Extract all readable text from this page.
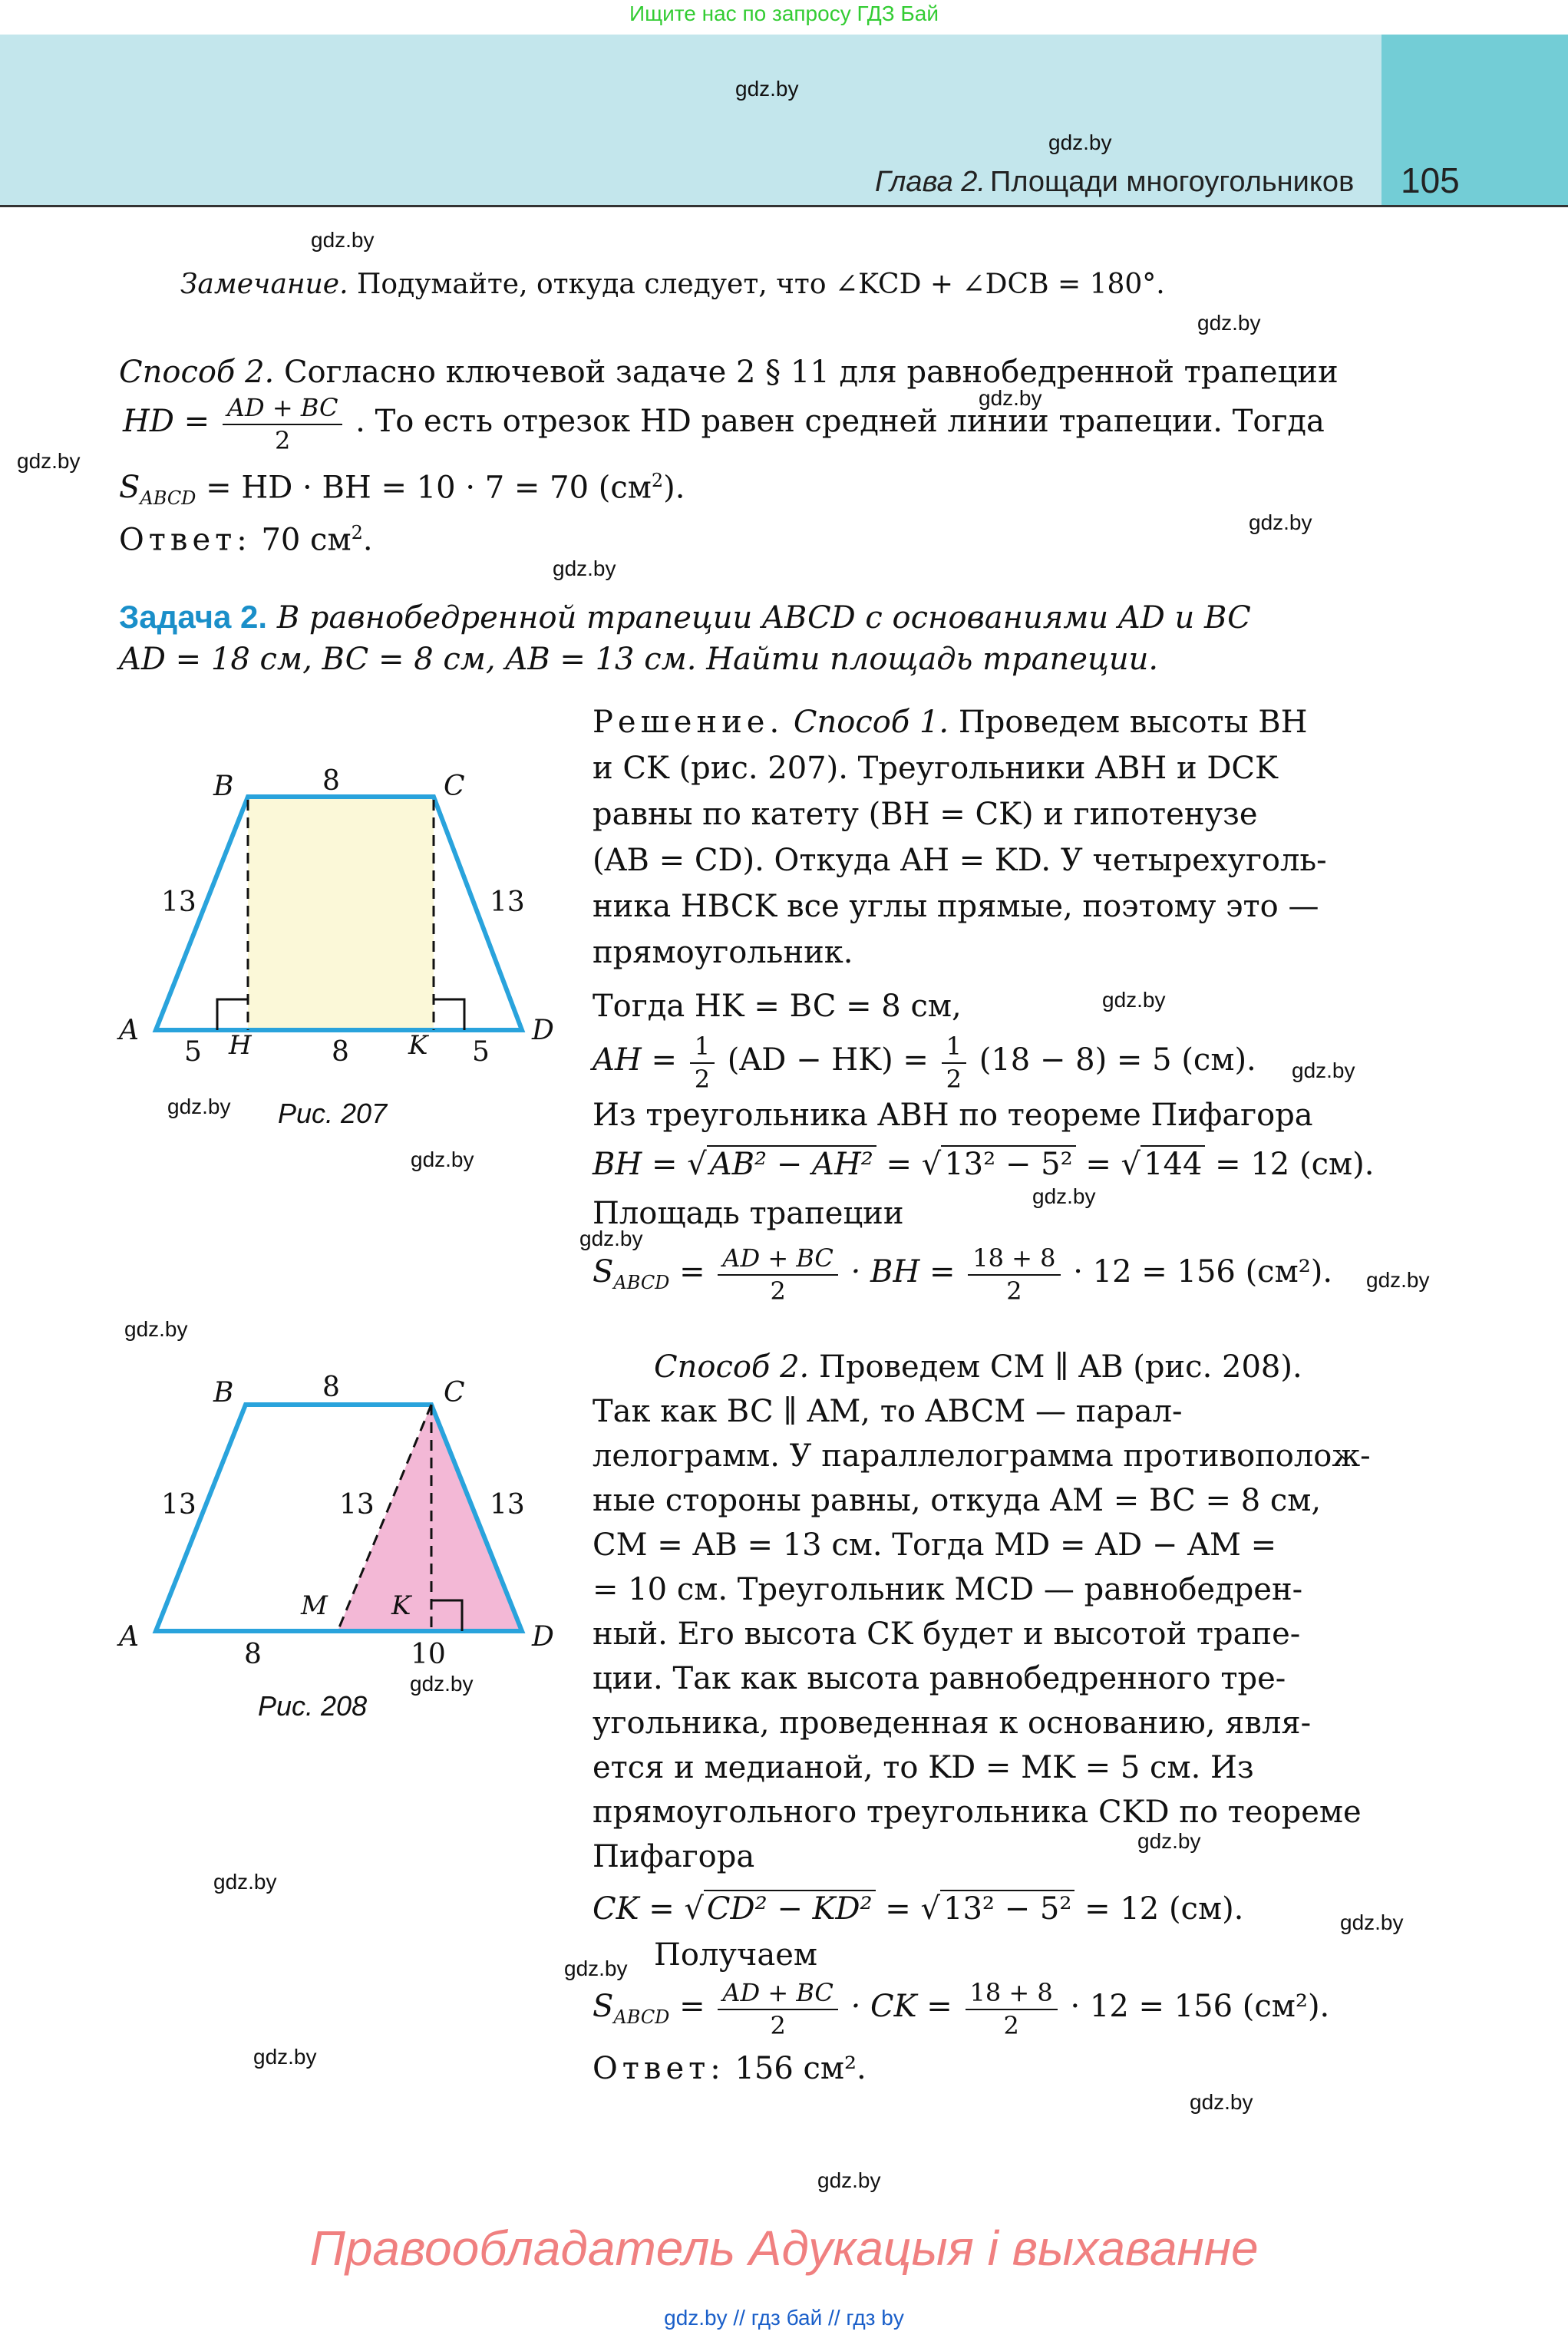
Ищите нас по запросу ГДЗ Бай
Глава 2. Площади многоугольников 105
gdz.by
gdz.by
gdz.by
gdz.by
gdz.by
gdz.by
gdz.by
gdz.by
gdz.by
gdz.by
gdz.by
gdz.by
gdz.by
gdz.by
gdz.by
gdz.by
gdz.by
gdz.by
gdz.by
gdz.by
gdz.by
gdz.by
gdz.by
gdz.by
Замечание. Подумайте, откуда следует, что ∠KCD + ∠DCB = 180°.
Способ 2. Согласно ключевой задаче 2 § 11 для равнобедренной трапеции
HD = $\frac{AD + BC}{2}$ . То есть отрезок HD равен средней линии трапеции. Тогда
$S_{ABCD}$ = HD · BH = 10 · 7 = 70 $(см^2)$.
Ответ: 70 $см^2$.
Задача 2. В равнобедренной трапеции ABCD с основаниями AD и BC
AD = 18 см, BC = 8 см, AB = 13 см. Найти площадь трапеции.
B	8	C
13	13
A	D
5 H	8 K 5
Рис. 207
Решение. Способ 1. Проведем высоты BH
и CK (рис. 207). Треугольники ABH и DCK
равны по катету (BH = CK) и гипотенузе
(AB = CD). Откуда AH = KD. У четырехуголь-
ника HBCK все углы прямые, поэтому это —
прямоугольник.
Тогда HK = BC = 8 см,
AH = $\frac{1}{2} (AD - HK) = \frac{1}{2} (18 - 8) = 5$ (см).
Из треугольника ABH по теореме Пифагора
BH = √ AB² − AH² = √ 13² − 5² = √ 144 = 12 (см).
Площадь трапеции
$S_{ABCD} = \frac{AD + BC}{2}$ · BH = $\frac{18 + 8}{2} \cdot 12 = 156$ (см²).
B	8	C
13	13	13
M K
A	D
8	10
Рис. 208
Способ 2. Проведем CM ∥ AB (рис. 208).
Так как BC ∥ AM, то ABCM — парал-
лелограмм. У параллелограмма противополож-
ные стороны равны, откуда AM = BC = 8 см,
CM = AB = 13 см. Тогда MD = AD − AM =
= 10 см. Треугольник MCD — равнобедрен-
ный. Его высота CK будет и высотой трапе-
ции. Так как высота равнобедренного тре-
угольника, проведенная к основанию, явля-
ется и медианой, то KD = MK = 5 см. Из
прямоугольного треугольника CKD по теореме
Пифагора
CK = √ CD² − KD² = √ 13² − 5² = 12 (см).
Получаем
$S_{ABCD} = \frac{AD + BC}{2}$ · CK = $\frac{18 + 8}{2} \cdot 12 = 156$ (см²).
Ответ: 156 см².
Правообладатель Адукацыя і выхаванне
gdz.by // гдз бай // гдз by
